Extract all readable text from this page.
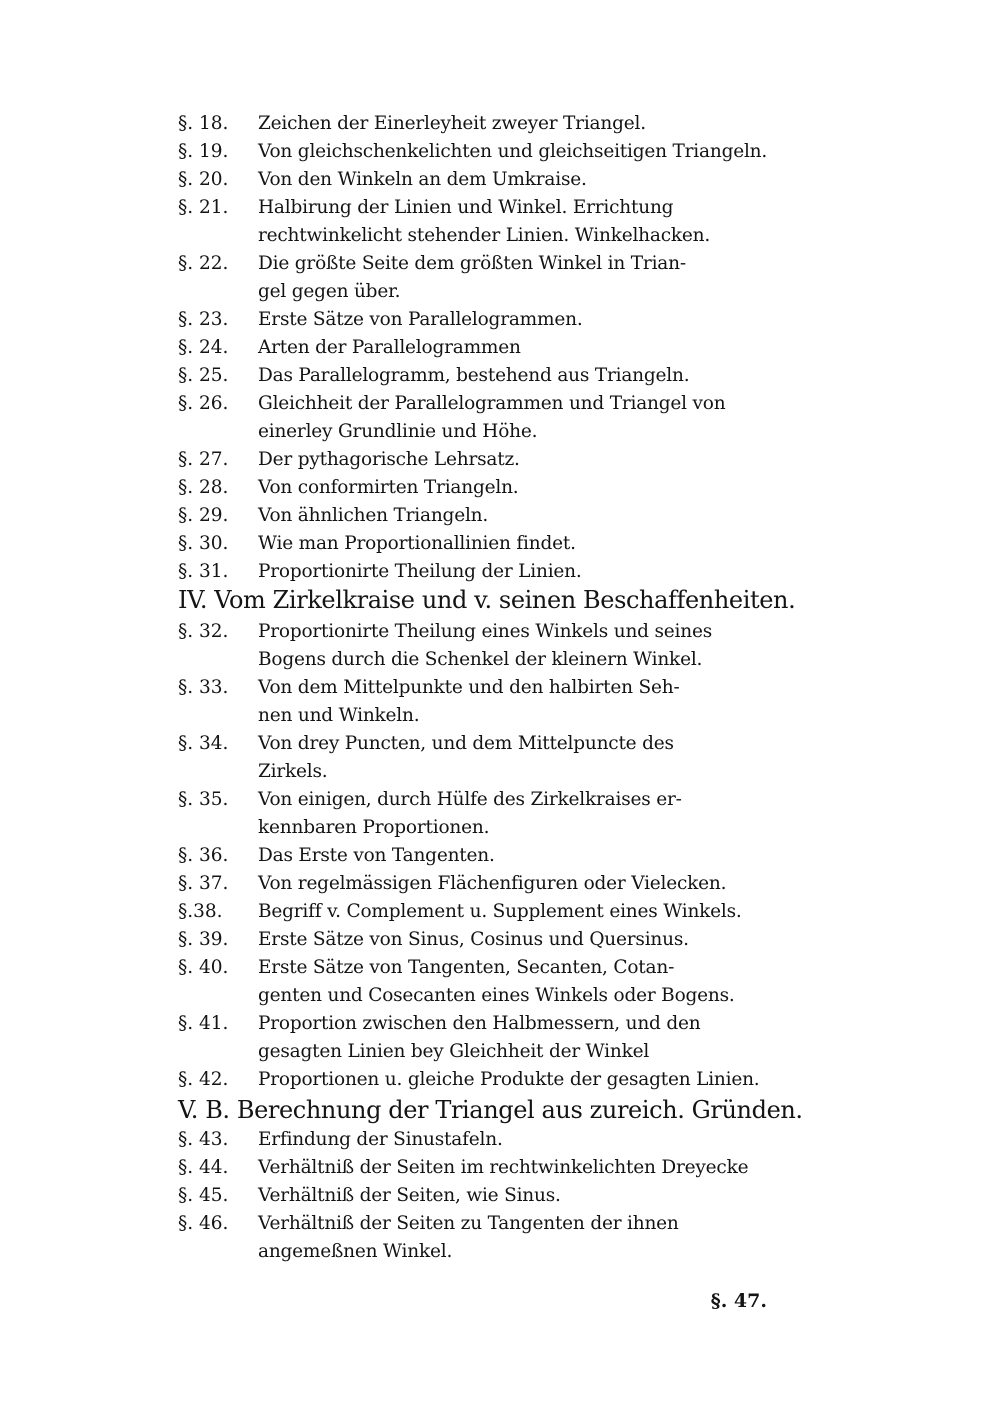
§. 18.	Zeichen der Einerleyheit zweyer Triangel.
§. 19.	Von gleichschenkelichten und gleichseitigen Triangeln.
§. 20.	Von den Winkeln an dem Umkraise.
§. 21.	Halbirung der Linien und Winkel. Errichtung
rechtwinkelicht stehender Linien. Winkelhacken.
§. 22.	Die größte Seite dem größten Winkel in Trian-
gel gegen über.
§. 23.	Erste Sätze von Parallelogrammen.
§. 24.	Arten der Parallelogrammen
§. 25.	Das Parallelogramm, bestehend aus Triangeln.
§. 26.	Gleichheit der Parallelogrammen und Triangel von
einerley Grundlinie und Höhe.
§. 27.	Der pythagorische Lehrsatz.
§. 28.	Von conformirten Triangeln.
§. 29.	Von ähnlichen Triangeln.
§. 30.	Wie man Proportionallinien findet.
§. 31.	Proportionirte Theilung der Linien.
IV. Vom Zirkelkraise und v. seinen Beschaffenheiten.
§. 32.	Proportionirte Theilung eines Winkels und seines
Bogens durch die Schenkel der kleinern Winkel.
§. 33.	Von dem Mittelpunkte und den halbirten Seh-
nen und Winkeln.
§. 34.	Von drey Puncten, und dem Mittelpuncte des
Zirkels.
§. 35.	Von einigen, durch Hülfe des Zirkelkraises er-
kennbaren Proportionen.
§. 36.	Das Erste von Tangenten.
§. 37.	Von regelmässigen Flächenfiguren oder Vielecken.
§.38.	Begriff v. Complement u. Supplement eines Winkels.
§. 39.	Erste Sätze von Sinus, Cosinus und Quersinus.
§. 40.	Erste Sätze von Tangenten, Secanten, Cotan-
genten und Cosecanten eines Winkels oder Bogens.
§. 41.	Proportion zwischen den Halbmessern, und den
gesagten Linien bey Gleichheit der Winkel
§. 42.	Proportionen u. gleiche Produkte der gesagten Linien.
V. B. Berechnung der Triangel aus zureich. Gründen.
§. 43.	Erfindung der Sinustafeln.
§. 44.	Verhältniß der Seiten im rechtwinkelichten Dreyecke
§. 45.	Verhältniß der Seiten, wie Sinus.
§. 46.	Verhältniß der Seiten zu Tangenten der ihnen
angemeßnen Winkel.
§. 47.
